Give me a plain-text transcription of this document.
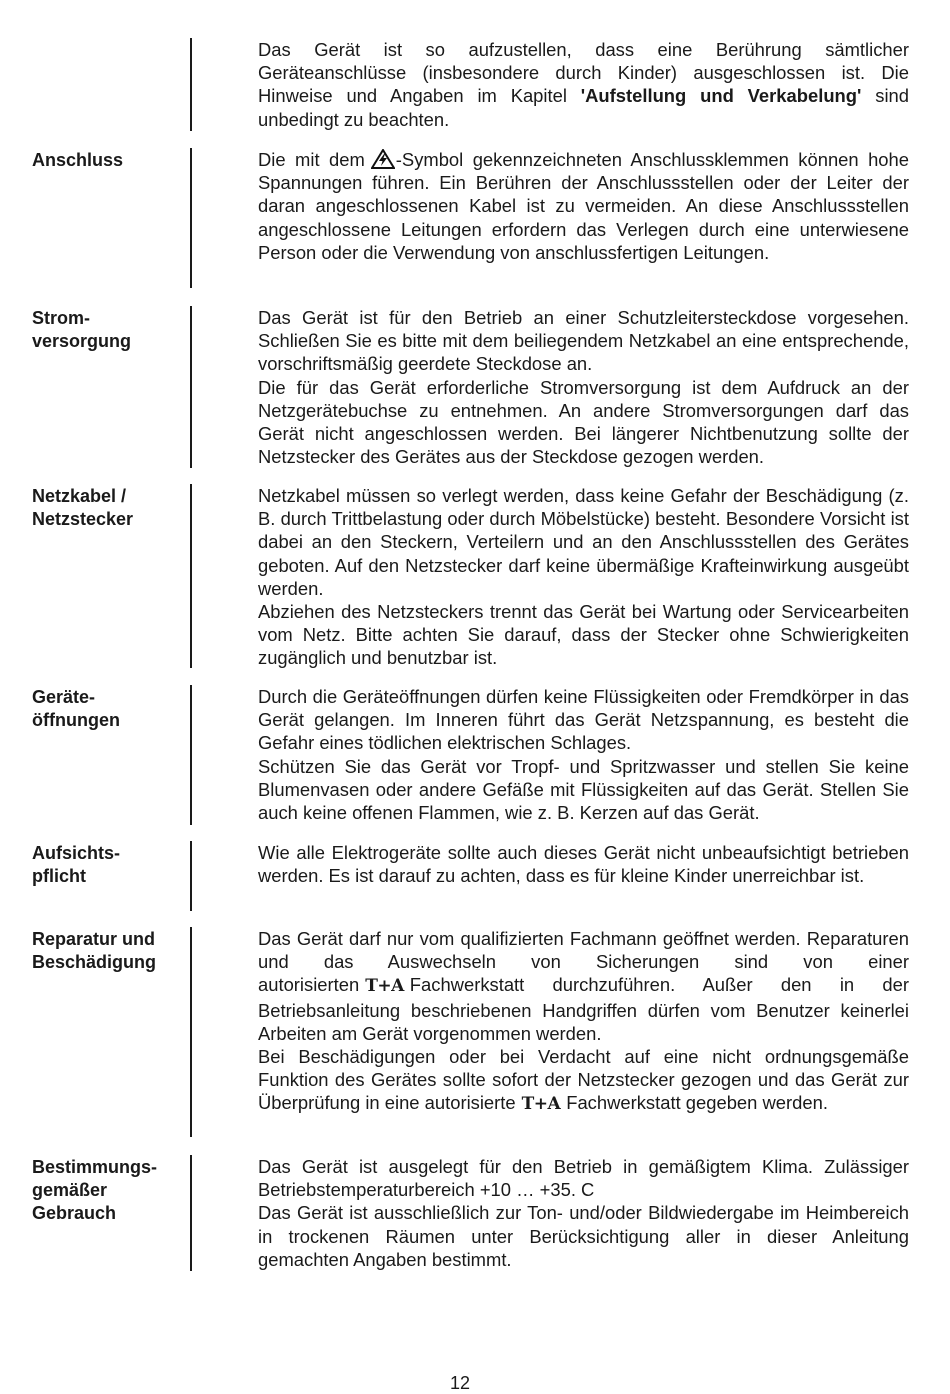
Das Gerät ist so aufzustellen, dass eine Berührung sämtlicher Geräteanschlüsse (insbesondere durch Kinder) ausgeschlossen ist. Die Hinweise und Angaben im Kapitel 'Aufstellung und Verkabelung' sind unbedingt zu beachten.

Anschluss	Die mit dem -Symbol gekennzeichneten Anschlussklemmen können hohe Spannungen führen. Ein Berühren der Anschlussstellen oder der Leiter der daran angeschlossenen Kabel ist zu vermeiden. An diese Anschlussstellen angeschlossene Leitungen erfordern das Verlegen durch eine unterwiesene Person oder die Verwendung von anschlussfertigen Leitungen.

Strom-
versorgung

Das Gerät ist für den Betrieb an einer Schutzleitersteckdose vorgesehen. Schließen Sie es bitte mit dem beiliegendem Netzkabel an eine entsprechende, vorschriftsmäßig geerdete Steckdose an.

Die für das Gerät erforderliche Stromversorgung ist dem Aufdruck an der Netzgerätebuchse zu entnehmen. An andere Stromversorgungen darf das Gerät nicht angeschlossen werden. Bei längerer Nichtbenutzung sollte der Netzstecker des Gerätes aus der Steckdose gezogen werden.

Netzkabel /
Netzstecker

Netzkabel müssen so verlegt werden, dass keine Gefahr der Beschädigung (z. B. durch Trittbelastung oder durch Möbelstücke) besteht. Besondere Vorsicht ist dabei an den Steckern, Verteilern und an den Anschlussstellen des Gerätes geboten. Auf den Netzstecker darf keine übermäßige Krafteinwirkung ausgeübt werden.

Abziehen des Netzsteckers trennt das Gerät bei Wartung oder Servicearbeiten vom Netz. Bitte achten Sie darauf, dass der Stecker ohne Schwierigkeiten zugänglich und benutzbar ist.

Geräte-
öffnungen

Durch die Geräteöffnungen dürfen keine Flüssigkeiten oder Fremdkörper in das Gerät gelangen. Im Inneren führt das Gerät Netzspannung, es besteht die Gefahr eines tödlichen elektrischen Schlages.

Schützen Sie das Gerät vor Tropf- und Spritzwasser und stellen Sie keine Blumenvasen oder andere Gefäße mit Flüssigkeiten auf das Gerät. Stellen Sie auch keine offenen Flammen, wie z. B. Kerzen auf das Gerät.

Aufsichts-
pflicht

Wie alle Elektrogeräte sollte auch dieses Gerät nicht unbeaufsichtigt betrieben werden. Es ist darauf zu achten, dass es für kleine Kinder unerreichbar ist.

Reparatur und
Beschädigung

Das Gerät darf nur vom qualifizierten Fachmann geöffnet werden. Reparaturen und das Auswechseln von Sicherungen sind von einer autorisierten T+A Fachwerkstatt durchzuführen. Außer den in der Betriebsanleitung beschriebenen Handgriffen dürfen vom Benutzer keinerlei Arbeiten am Gerät vorgenommen werden.

Bei Beschädigungen oder bei Verdacht auf eine nicht ordnungsgemäße Funktion des Gerätes sollte sofort der Netzstecker gezogen und das Gerät zur Überprüfung in eine autorisierte T+A Fachwerkstatt gegeben werden.

Bestimmungs-
gemäßer
Gebrauch

Das Gerät ist ausgelegt für den Betrieb in gemäßigtem Klima. Zulässiger Betriebstemperaturbereich +10 … +35. C

Das Gerät ist ausschließlich zur Ton- und/oder Bildwiedergabe im Heimbereich in trockenen Räumen unter Berücksichtigung aller in dieser Anleitung gemachten Angaben bestimmt.

12
